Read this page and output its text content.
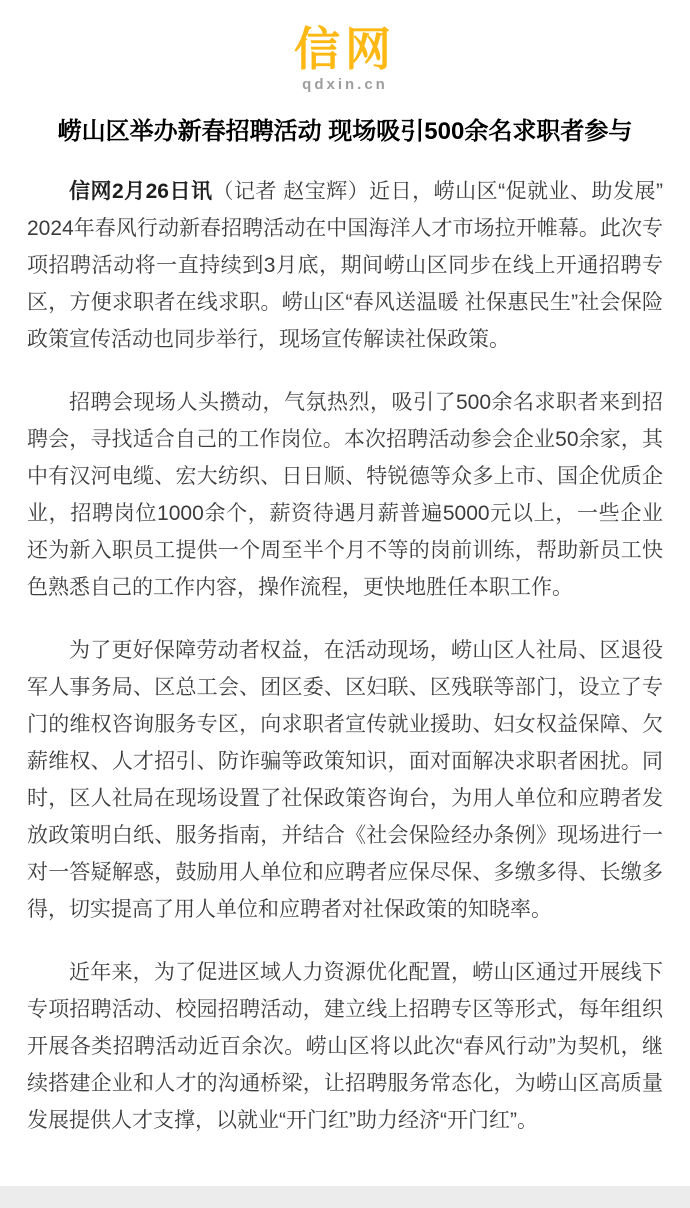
信网
qdxin.cn
崂山区举办新春招聘活动 现场吸引500余名求职者参与

信网2月26日讯（记者 赵宝辉）近日，崂山区“促就业、助发展”2024年春风行动新春招聘活动在中国海洋人才市场拉开帷幕。此次专项招聘活动将一直持续到3月底，期间崂山区同步在线上开通招聘专区，方便求职者在线求职。崂山区“春风送温暖 社保惠民生”社会保险政策宣传活动也同步举行，现场宣传解读社保政策。

招聘会现场人头攒动，气氛热烈，吸引了500余名求职者来到招聘会，寻找适合自己的工作岗位。本次招聘活动参会企业50余家，其中有汉河电缆、宏大纺织、日日顺、特锐德等众多上市、国企优质企业，招聘岗位1000余个，薪资待遇月薪普遍5000元以上，一些企业还为新入职员工提供一个周至半个月不等的岗前训练，帮助新员工快色熟悉自己的工作内容，操作流程，更快地胜任本职工作。

为了更好保障劳动者权益，在活动现场，崂山区人社局、区退役军人事务局、区总工会、团区委、区妇联、区残联等部门，设立了专门的维权咨询服务专区，向求职者宣传就业援助、妇女权益保障、欠薪维权、人才招引、防诈骗等政策知识，面对面解决求职者困扰。同时，区人社局在现场设置了社保政策咨询台，为用人单位和应聘者发放政策明白纸、服务指南，并结合《社会保险经办条例》现场进行一对一答疑解惑，鼓励用人单位和应聘者应保尽保、多缴多得、长缴多得，切实提高了用人单位和应聘者对社保政策的知晓率。

近年来，为了促进区域人力资源优化配置，崂山区通过开展线下专项招聘活动、校园招聘活动，建立线上招聘专区等形式，每年组织开展各类招聘活动近百余次。崂山区将以此次“春风行动”为契机，继续搭建企业和人才的沟通桥梁，让招聘服务常态化，为崂山区高质量发展提供人才支撑，以就业“开门红”助力经济“开门红”。
